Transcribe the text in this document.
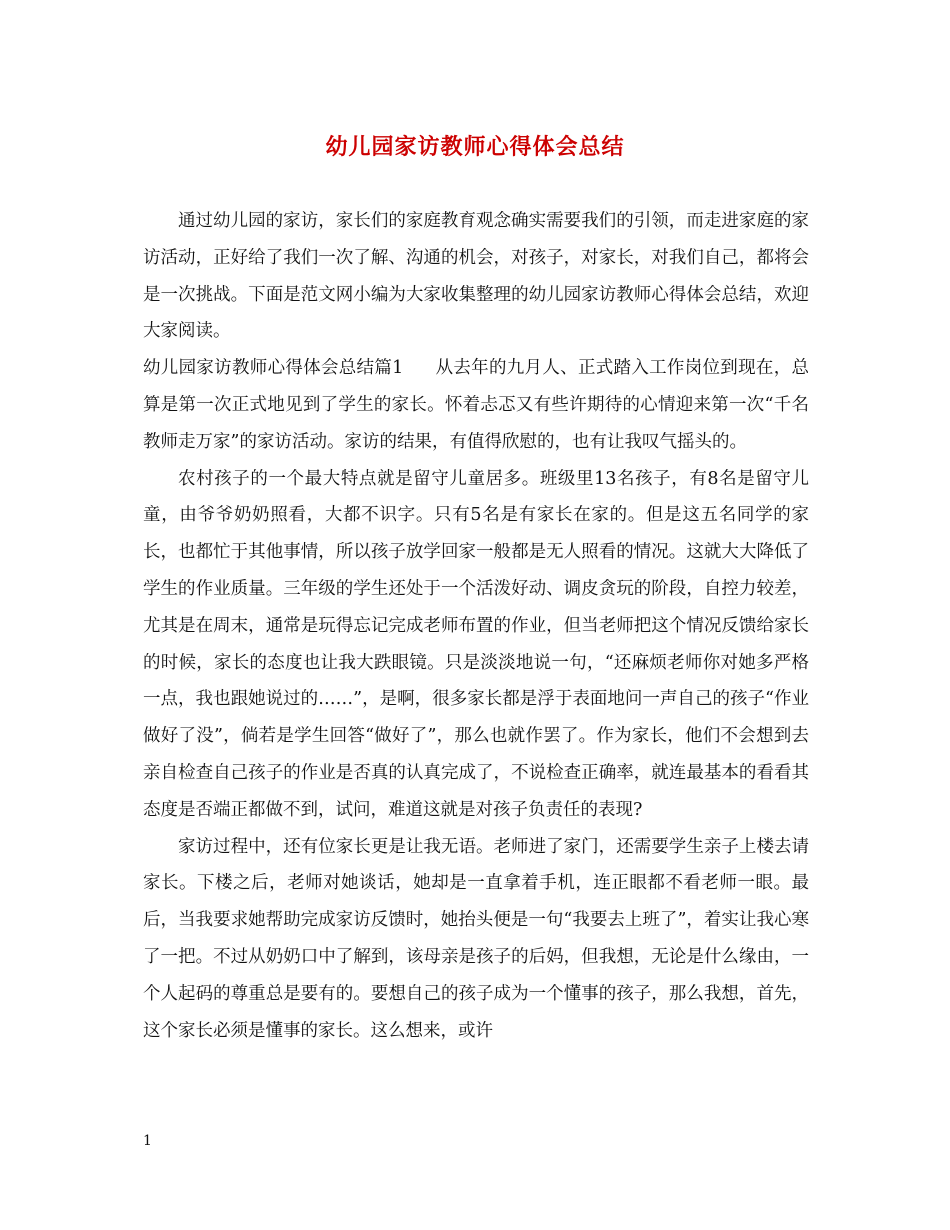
幼儿园家访教师心得体会总结

通过幼儿园的家访，家长们的家庭教育观念确实需要我们的引领，而走进家庭的家访活动，正好给了我们一次了解、沟通的机会，对孩子，对家长，对我们自己，都将会是一次挑战。下面是范文网小编为大家收集整理的幼儿园家访教师心得体会总结，欢迎大家阅读。

幼儿园家访教师心得体会总结篇1 从去年的九月人、正式踏入工作岗位到现在，总算是第一次正式地见到了学生的家长。怀着忐忑又有些许期待的心情迎来第一次“千名教师走万家”的家访活动。家访的结果，有值得欣慰的，也有让我叹气摇头的。

农村孩子的一个最大特点就是留守儿童居多。班级里13名孩子，有8名是留守儿童，由爷爷奶奶照看，大都不识字。只有5名是有家长在家的。但是这五名同学的家长，也都忙于其他事情，所以孩子放学回家一般都是无人照看的情况。这就大大降低了学生的作业质量。三年级的学生还处于一个活泼好动、调皮贪玩的阶段，自控力较差，尤其是在周末，通常是玩得忘记完成老师布置的作业，但当老师把这个情况反馈给家长的时候，家长的态度也让我大跌眼镜。只是淡淡地说一句，“还麻烦老师你对她多严格一点，我也跟她说过的……”，是啊，很多家长都是浮于表面地问一声自己的孩子“作业做好了没”，倘若是学生回答“做好了”，那么也就作罢了。作为家长，他们不会想到去亲自检查自己孩子的作业是否真的认真完成了，不说检查正确率，就连最基本的看看其态度是否端正都做不到，试问，难道这就是对孩子负责任的表现?

家访过程中，还有位家长更是让我无语。老师进了家门，还需要学生亲子上楼去请家长。下楼之后，老师对她谈话，她却是一直拿着手机，连正眼都不看老师一眼。最后，当我要求她帮助完成家访反馈时，她抬头便是一句“我要去上班了”，着实让我心寒了一把。不过从奶奶口中了解到，该母亲是孩子的后妈，但我想，无论是什么缘由，一个人起码的尊重总是要有的。要想自己的孩子成为一个懂事的孩子，那么我想，首先，这个家长必须是懂事的家长。这么想来，或许

1
